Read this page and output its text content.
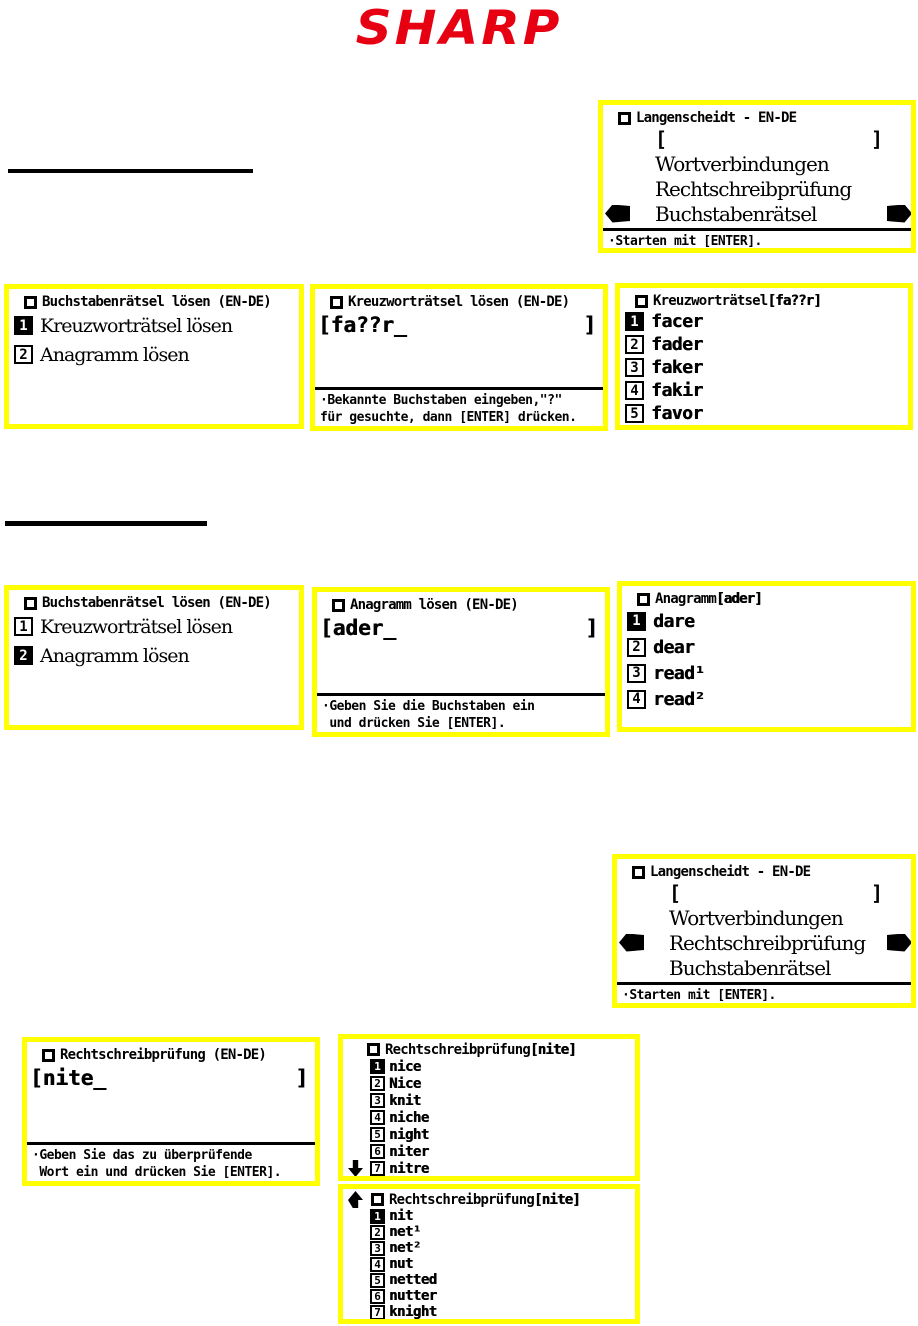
SHARP
Langenscheidt - EN-DE
[	]
Wortverbindungen
Rechtschreibprüfung
Buchstabenrätsel
·Starten mit [ENTER].
Buchstabenrätsel lösen (EN-DE)
1 Kreuzworträtsel lösen
2 Anagramm lösen
Kreuzworträtsel lösen (EN-DE)
[fa??r_	]
·Bekannte Buchstaben eingeben,"?"
für gesuchte, dann [ENTER] drücken.
Kreuzworträtsel[fa??r]
1 facer
2 fader
3 faker
4 fakir
5 favor
Buchstabenrätsel lösen (EN-DE)
1 Kreuzworträtsel lösen
2 Anagramm lösen
Anagramm lösen (EN-DE)
[ader_	]
·Geben Sie die Buchstaben ein
und drücken Sie [ENTER].
Anagramm[ader]
1 dare
2 dear
3 read¹
4 read²
Langenscheidt - EN-DE
[	]
Wortverbindungen
Rechtschreibprüfung
Buchstabenrätsel
·Starten mit [ENTER].
Rechtschreibprüfung (EN-DE)
[nite_	]
·Geben Sie das zu überprüfende
Wort ein und drücken Sie [ENTER].
Rechtschreibprüfung[nite]
1 nice
2 Nice
3 knit
4 niche
5 night
6 niter
7 nitre
Rechtschreibprüfung[nite]
1 nit
2 net¹
3 net²
4 nut
5 netted
6 nutter
7 knight
